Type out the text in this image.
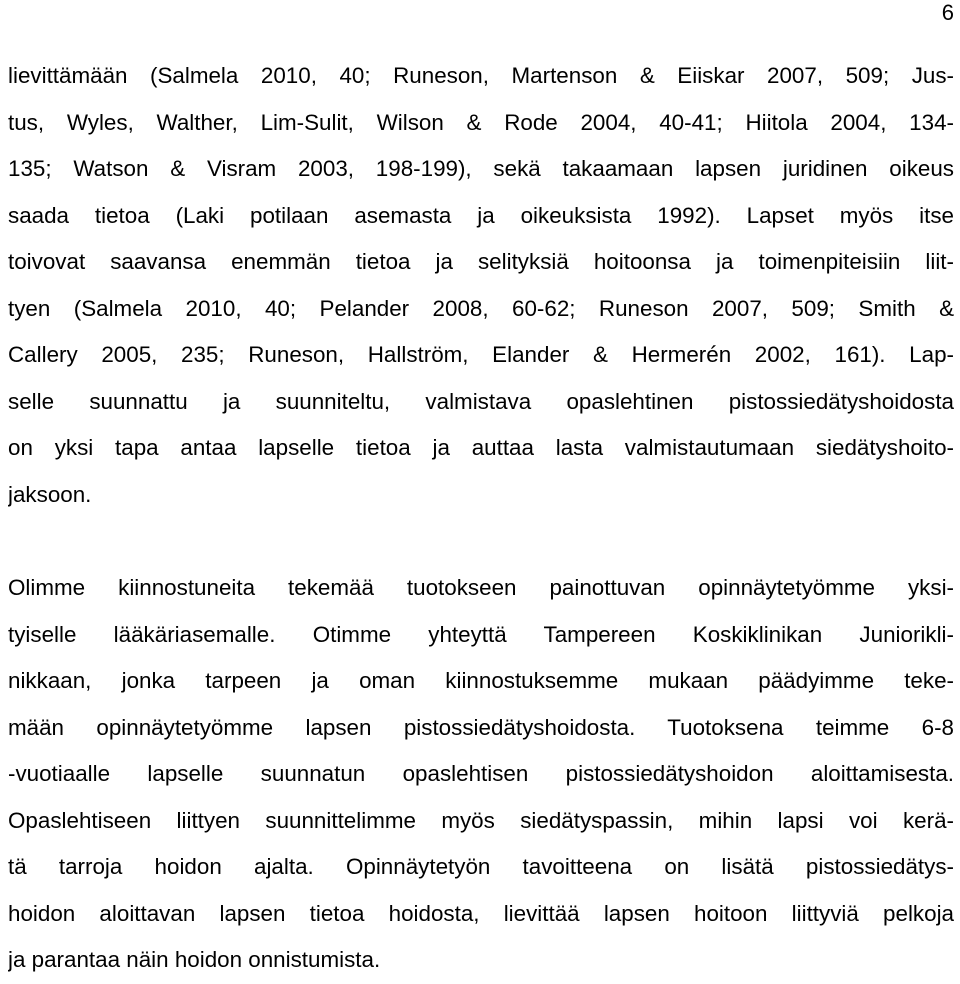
6
lievittämään (Salmela 2010, 40; Runeson, Martenson & Eiiskar 2007, 509; Jus-
tus, Wyles, Walther, Lim-Sulit, Wilson & Rode 2004, 40-41; Hiitola 2004, 134-
135; Watson & Visram 2003, 198-199), sekä takaamaan lapsen juridinen oikeus
saada tietoa (Laki potilaan asemasta ja oikeuksista 1992). Lapset myös itse
toivovat saavansa enemmän tietoa ja selityksiä hoitoonsa ja toimenpiteisiin liit-
tyen (Salmela 2010, 40; Pelander 2008, 60-62; Runeson 2007, 509; Smith &
Callery 2005, 235; Runeson, Hallström, Elander & Hermerén 2002, 161). Lap-
selle suunnattu ja suunniteltu, valmistava opaslehtinen pistossiedätyshoidosta
on yksi tapa antaa lapselle tietoa ja auttaa lasta valmistautumaan siedätyshoito-
jaksoon.
Olimme kiinnostuneita tekemää tuotokseen painottuvan opinnäytetyömme yksi-
tyiselle lääkäriasemalle. Otimme yhteyttä Tampereen Koskiklinikan Juniorikli-
nikkaan, jonka tarpeen ja oman kiinnostuksemme mukaan päädyimme teke-
mään opinnäytetyömme lapsen pistossiedätyshoidosta. Tuotoksena teimme 6-8
-vuotiaalle lapselle suunnatun opaslehtisen pistossiedätyshoidon aloittamisesta.
Opaslehtiseen liittyen suunnittelimme myös siedätyspassin, mihin lapsi voi kerä-
tä tarroja hoidon ajalta. Opinnäytetyön tavoitteena on lisätä pistossiedätys-
hoidon aloittavan lapsen tietoa hoidosta, lievittää lapsen hoitoon liittyviä pelkoja
ja parantaa näin hoidon onnistumista.
